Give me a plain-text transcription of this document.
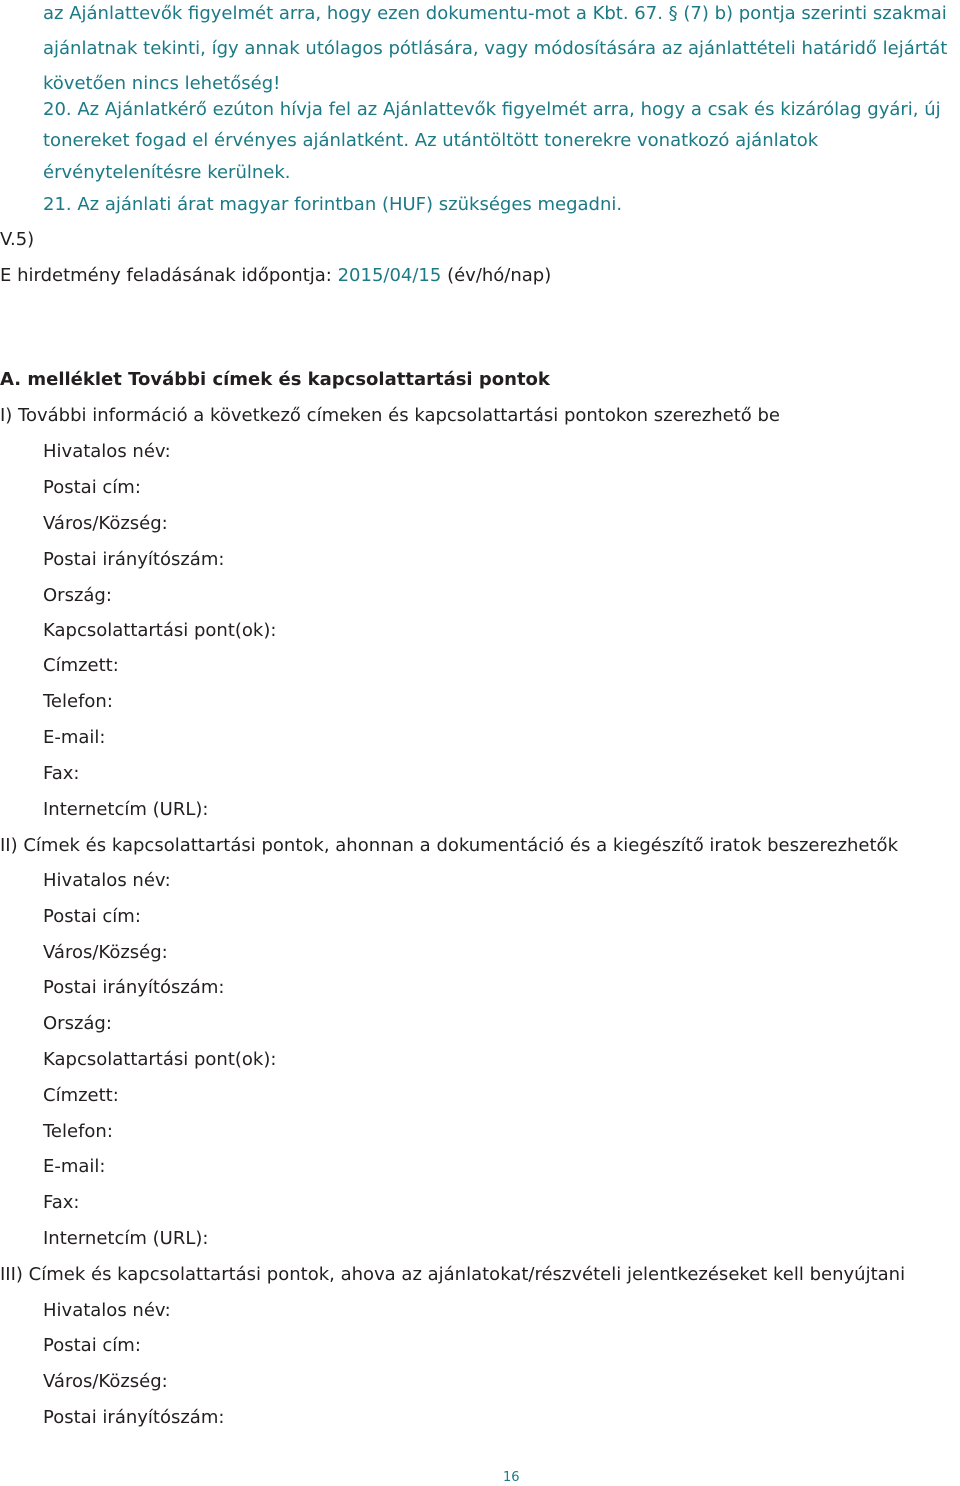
az Ajánlattevők figyelmét arra, hogy ezen dokumentu-mot a Kbt. 67. § (7) b) pontja szerinti szakmai
ajánlatnak tekinti, így annak utólagos pótlására, vagy módosítására az ajánlattételi határidő lejártát
követően nincs lehetőség!
20. Az Ajánlatkérő ezúton hívja fel az Ajánlattevők figyelmét arra, hogy a csak és kizárólag gyári, új
tonereket fogad el érvényes ajánlatként. Az utántöltött tonerekre vonatkozó ajánlatok
érvénytelenítésre kerülnek.
21. Az ajánlati árat magyar forintban (HUF) szükséges megadni.
V.5)
E hirdetmény feladásának időpontja: 2015/04/15 (év/hó/nap)
A. melléklet További címek és kapcsolattartási pontok
I) További információ a következő címeken és kapcsolattartási pontokon szerezhető be
Hivatalos név:
Postai cím:
Város/Község:
Postai irányítószám:
Ország:
Kapcsolattartási pont(ok):
Címzett:
Telefon:
E-mail:
Fax:
Internetcím (URL):
II) Címek és kapcsolattartási pontok, ahonnan a dokumentáció és a kiegészítő iratok beszerezhetők
Hivatalos név:
Postai cím:
Város/Község:
Postai irányítószám:
Ország:
Kapcsolattartási pont(ok):
Címzett:
Telefon:
E-mail:
Fax:
Internetcím (URL):
III) Címek és kapcsolattartási pontok, ahova az ajánlatokat/részvételi jelentkezéseket kell benyújtani
Hivatalos név:
Postai cím:
Város/Község:
Postai irányítószám:
16
